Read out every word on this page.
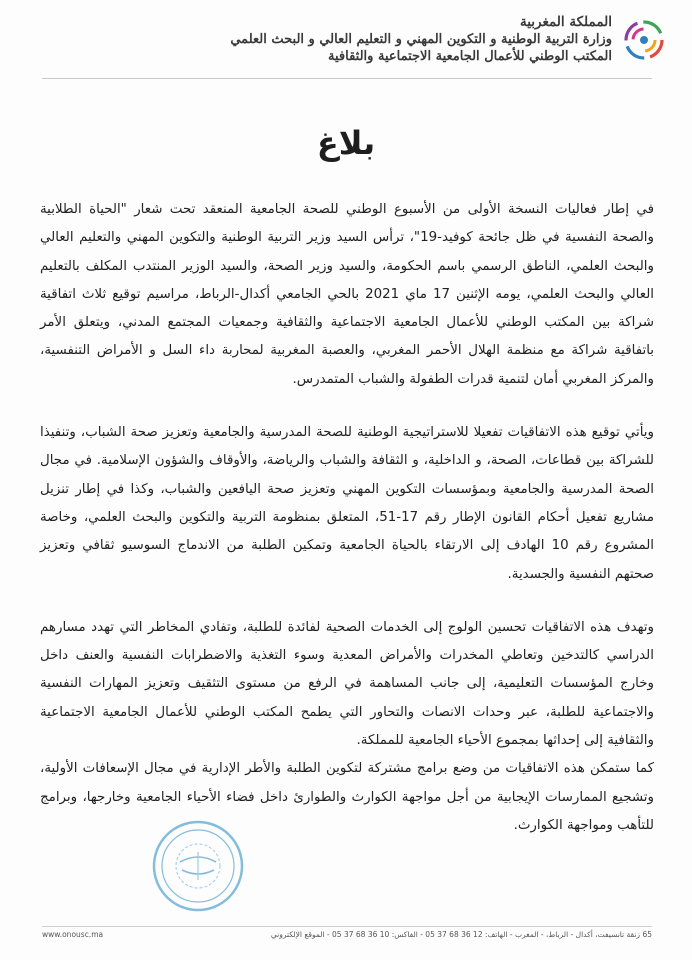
المملكة المغربية
وزارة التربية الوطنية و التكوين المهني و التعليم العالي و البحث العلمي
المكتب الوطني للأعمال الجامعية الاجتماعية والثقافية
بلاغ

في إطار فعاليات النسخة الأولى من الأسبوع الوطني للصحة الجامعية المنعقد تحت شعار "الحياة الطلابية والصحة النفسية في ظل جائحة كوفيد-19"، ترأس السيد وزير التربية الوطنية والتكوين المهني والتعليم العالي والبحث العلمي، الناطق الرسمي باسم الحكومة، والسيد وزير الصحة، والسيد الوزير المنتدب المكلف بالتعليم العالي والبحث العلمي، يومه الإثنين 17 ماي 2021 بالحي الجامعي أكدال-الرباط، مراسيم توقيع ثلاث اتفاقية شراكة بين المكتب الوطني للأعمال الجامعية الاجتماعية والثقافية وجمعيات المجتمع المدني، ويتعلق الأمر باتفاقية شراكة مع منظمة الهلال الأحمر المغربي، والعصبة المغربية لمحاربة داء السل و الأمراض التنفسية، والمركز المغربي أمان لتنمية قدرات الطفولة والشباب المتمدرس.

ويأتي توقيع هذه الاتفاقيات تفعيلا للاستراتيجية الوطنية للصحة المدرسية والجامعية وتعزيز صحة الشباب، وتنفيذا للشراكة بين قطاعات، الصحة، و الداخلية، و الثقافة والشباب والرياضة، والأوقاف والشؤون الإسلامية. في مجال الصحة المدرسية والجامعية وبمؤسسات التكوين المهني وتعزيز صحة اليافعين والشباب، وكذا في إطار تنزيل مشاريع تفعيل أحكام القانون الإطار رقم 17-51، المتعلق بمنظومة التربية والتكوين والبحث العلمي، وخاصة المشروع رقم 10 الهادف إلى الارتقاء بالحياة الجامعية وتمكين الطلبة من الاندماج السوسيو ثقافي وتعزيز صحتهم النفسية والجسدية.

وتهدف هذه الاتفاقيات تحسين الولوج إلى الخدمات الصحية لفائدة للطلبة، وتفادي المخاطر التي تهدد مسارهم الدراسي كالتدخين وتعاطي المخدرات والأمراض المعدية وسوء التغذية والاضطرابات النفسية والعنف داخل وخارج المؤسسات التعليمية، إلى جانب المساهمة في الرفع من مستوى التثقيف وتعزيز المهارات النفسية والاجتماعية للطلبة، عبر وحدات الانصات والتحاور التي يطمح المكتب الوطني للأعمال الجامعية الاجتماعية والثقافية إلى إحداثها بمجموع الأحياء الجامعية للمملكة.

كما ستمكن هذه الاتفاقيات من وضع برامج مشتركة لتكوين الطلبة والأطر الإدارية في مجال الإسعافات الأولية، وتشجيع الممارسات الإيجابية من أجل مواجهة الكوارث والطوارئ داخل فضاء الأحياء الجامعية وخارجها، وبرامج للتأهب ومواجهة الكوارث.

www.onousc.ma	65 زنقة تانسيفت، أكدال - الرباط، - المغرب - الهاتف: 12 36 68 37 05 - الفاكس: 10 36 68 37 05 - الموقع الإلكتروني
